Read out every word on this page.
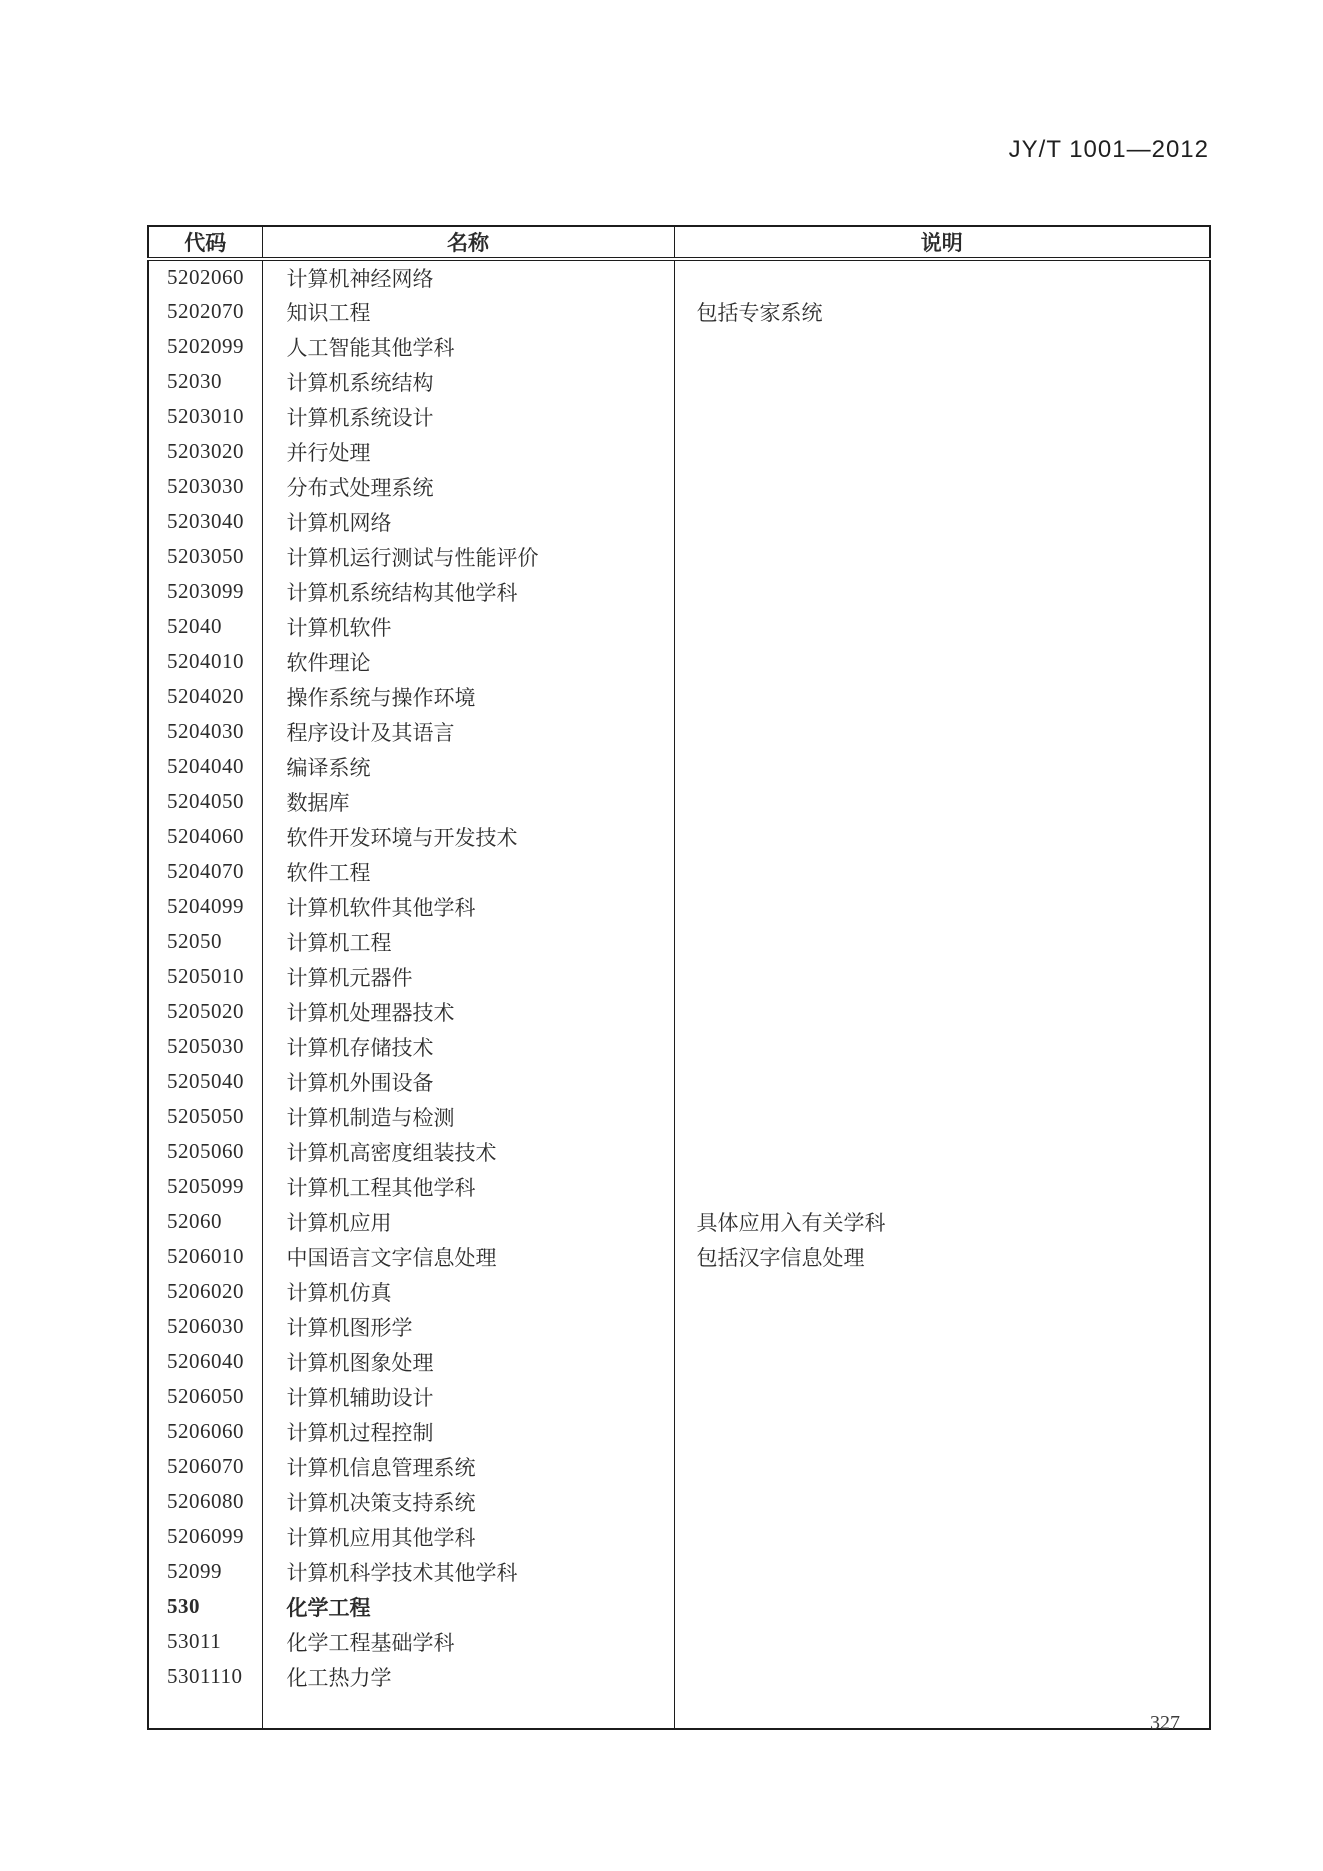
JY/T 1001—2012
代码	名称	说明
5202060	计算机神经网络	
5202070	知识工程	包括专家系统
5202099	人工智能其他学科	
52030	计算机系统结构	
5203010	计算机系统设计	
5203020	并行处理	
5203030	分布式处理系统	
5203040	计算机网络	
5203050	计算机运行测试与性能评价	
5203099	计算机系统结构其他学科	
52040	计算机软件	
5204010	软件理论	
5204020	操作系统与操作环境	
5204030	程序设计及其语言	
5204040	编译系统	
5204050	数据库	
5204060	软件开发环境与开发技术	
5204070	软件工程	
5204099	计算机软件其他学科	
52050	计算机工程	
5205010	计算机元器件	
5205020	计算机处理器技术	
5205030	计算机存储技术	
5205040	计算机外围设备	
5205050	计算机制造与检测	
5205060	计算机高密度组装技术	
5205099	计算机工程其他学科	
52060	计算机应用	具体应用入有关学科
5206010	中国语言文字信息处理	包括汉字信息处理
5206020	计算机仿真	
5206030	计算机图形学	
5206040	计算机图象处理	
5206050	计算机辅助设计	
5206060	计算机过程控制	
5206070	计算机信息管理系统	
5206080	计算机决策支持系统	
5206099	计算机应用其他学科	
52099	计算机科学技术其他学科	
530	化学工程	
53011	化学工程基础学科	
5301110	化工热力学	

327
